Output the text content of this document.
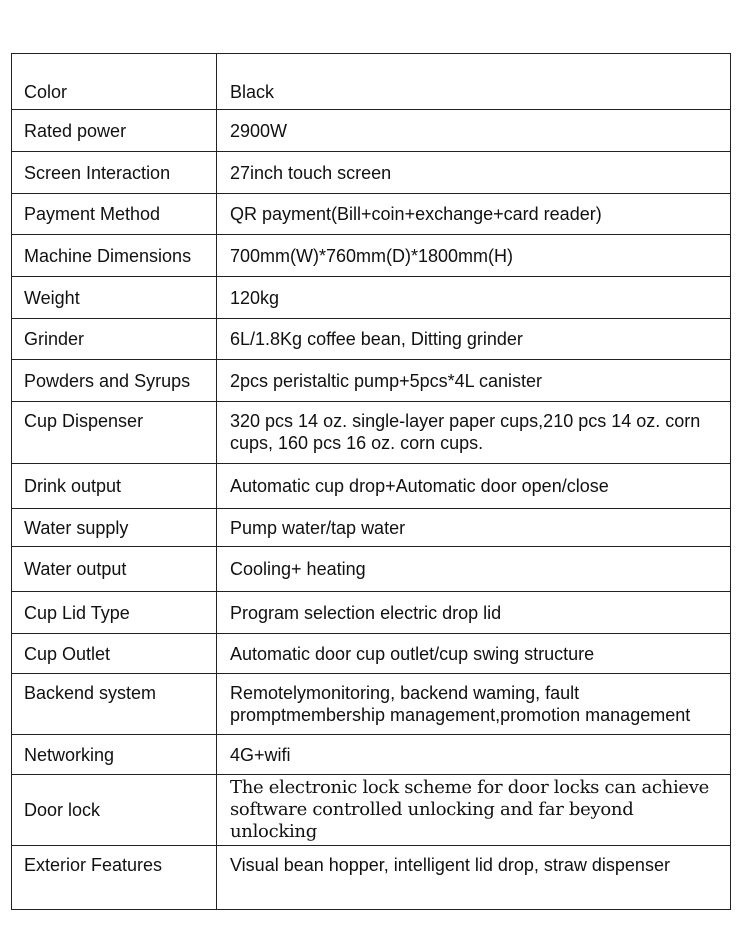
Color	Black
Rated power	2900W
Screen Interaction	27inch touch screen
Payment Method	QR payment(Bill+coin+exchange+card reader)
Machine Dimensions	700mm(W)*760mm(D)*1800mm(H)
Weight	120kg
Grinder	6L/1.8Kg coffee bean, Ditting grinder
Powders and Syrups	2pcs peristaltic pump+5pcs*4L canister
Cup Dispenser	320 pcs 14 oz. single-layer paper cups,210 pcs 14 oz. corn cups, 160 pcs 16 oz. corn cups.
Drink output	Automatic cup drop+Automatic door open/close
Water supply	Pump water/tap water
Water output	Cooling+ heating
Cup Lid Type	Program selection electric drop lid
Cup Outlet	Automatic door cup outlet/cup swing structure
Backend system	Remotelymonitoring, backend waming, fault promptmembership management,promotion management
Networking	4G+wifi
Door lock	The electronic lock scheme for door locks can achieve software controlled unlocking and far beyond unlocking
Exterior Features	Visual bean hopper, intelligent lid drop, straw dispenser
